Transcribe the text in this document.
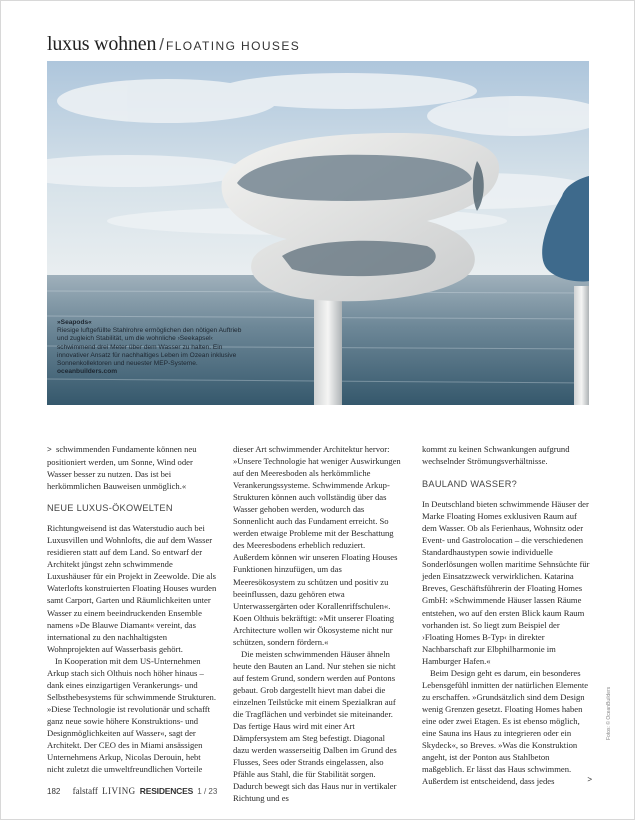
luxus wohnen / FLOATING HOUSES
»Seapods«
Riesige luftgefüllte Stahlrohre ermöglichen den nötigen Auftrieb und zugleich Stabilität, um die wohnliche ›Seekapsel‹ schwimmend drei Meter über dem Wasser zu halten. Ein innovativer Ansatz für nachhaltiges Leben im Ozean inklusive Sonnenkollektoren und neuester MEP-Systeme. oceanbuilders.com
Fotos: © OceanBuilders

> schwimmenden Fundamente können neu positioniert werden, um Sonne, Wind oder Wasser besser zu nutzen. Das ist bei herkömmlichen Bauweisen unmöglich.«

NEUE LUXUS-ÖKOWELTEN

Richtungweisend ist das Waterstudio auch bei Luxusvillen und Wohnlofts, die auf dem Wasser residieren statt auf dem Land. So entwarf der Architekt jüngst zehn schwimmende Luxushäuser für ein Projekt in Zeewolde. Die als Waterlofts konstruierten Floating Houses wurden samt Carport, Garten und Räumlichkeiten unter Wasser zu einem beeindruckenden Ensemble namens »De Blauwe Diamant« vereint, das international zu den nachhaltigsten Wohnprojekten auf Wasserbasis gehört.

In Kooperation mit dem US-Unternehmen Arkup stach sich Olthuis noch höher hinaus – dank eines einzigartigen Verankerungs- und Selbsthebesystems für schwimmende Strukturen. »Diese Technologie ist revolutionär und schafft ganz neue sowie höhere Konstruktions- und Designmöglichkeiten auf Wasser«, sagt der Architekt. Der CEO des in Miami ansässigen Unternehmens Arkup, Nicolas Derouin, hebt nicht zuletzt die umweltfreundlichen Vorteile

dieser Art schwimmender Architektur hervor: »Unsere Technologie hat weniger Auswirkungen auf den Meeresboden als herkömmliche Verankerungssysteme. Schwimmende Arkup-Strukturen können auch vollständig über das Wasser gehoben werden, wodurch das Sonnenlicht auch das Fundament erreicht. So werden etwaige Probleme mit der Beschattung des Meeresbodens erheblich reduziert. Außerdem können wir unseren Floating Houses Funktionen hinzufügen, um das Meeresökosystem zu schützen und positiv zu beeinflussen, dazu gehören etwa Unterwassergärten oder Korallenriffschulen«. Koen Olthuis bekräftigt: »Mit unserer Floating Architecture wollen wir Ökosysteme nicht nur schützen, sondern fördern.«

Die meisten schwimmenden Häuser ähneln heute den Bauten an Land. Nur stehen sie nicht auf festem Grund, sondern werden auf Pontons gebaut. Grob dargestellt hievt man dabei die einzelnen Teilstücke mit einem Spezialkran auf die Tragflächen und verbindet sie miteinander. Das fertige Haus wird mit einer Art Dämpfersystem am Steg befestigt. Diagonal dazu werden wasserseitig Dalben im Grund des Flusses, Sees oder Strands eingelassen, also Pfähle aus Stahl, die für Stabilität sorgen. Dadurch bewegt sich das Haus nur in vertikaler Richtung und es

kommt zu keinen Schwankungen aufgrund wechselnder Strömungsverhältnisse.

BAULAND WASSER?

In Deutschland bieten schwimmende Häuser der Marke Floating Homes exklusiven Raum auf dem Wasser. Ob als Ferienhaus, Wohnsitz oder Event- und Gastrolocation – die verschiedenen Standardhaustypen sowie individuelle Sonderlösungen wollen maritime Sehnsüchte für jeden Einsatzzweck verwirklichen. Katarina Breves, Geschäftsführerin der Floating Homes GmbH: »Schwimmende Häuser lassen Räume entstehen, wo auf den ersten Blick kaum Raum vorhanden ist. So liegt zum Beispiel der ›Floating Homes B-Typ‹ in direkter Nachbarschaft zur Elbphilharmonie im Hamburger Hafen.«

Beim Design geht es darum, ein besonderes Lebensgefühl inmitten der natürlichen Elemente zu erschaffen. »Grundsätzlich sind dem Design wenig Grenzen gesetzt. Floating Homes haben eine oder zwei Etagen. Es ist ebenso möglich, eine Sauna ins Haus zu integrieren oder ein Skydeck«, so Breves. »Was die Konstruktion angeht, ist der Ponton aus Stahlbeton maßgeblich. Er lässt das Haus schwimmen. Außerdem ist entscheidend, dass jedes	>
182 falstaff LIVING RESIDENCES 1 / 23
